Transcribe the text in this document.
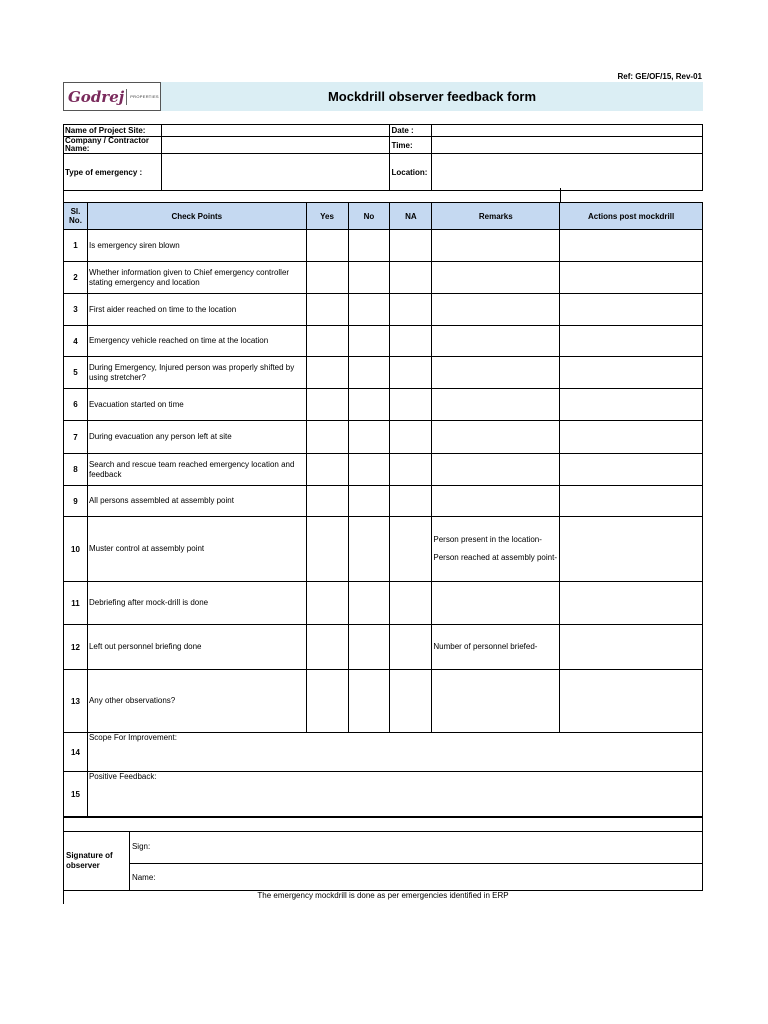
Ref: GE/OF/15, Rev-01
Godrej PROPERTIES	Mockdrill observer feedback form
Name of Project Site:		Date :	
Company / Contractor Name:		Time:	
Type of emergency :		Location:	
Sl. No.	Check Points	Yes	No	NA	Remarks	Actions post mockdrill
1	Is emergency siren blown					
2	Whether information given to Chief emergency controller stating emergency and location					
3	First aider reached on time to the location					
4	Emergency vehicle reached on time at the location					
5	During Emergency, Injured person was properly shifted by using stretcher?					
6	Evacuation started on time					
7	During evacuation any person left at site					
8	Search and rescue team reached emergency location and feedback					
9	All persons assembled at assembly point					
10	Muster control at assembly point				Person present in the location-
Person reached at assembly point-	

11	Debriefing after mock-drill is done					
12	Left out personnel briefing done				Number of personnel briefed-	

13	Any other observations?					
14	Scope For Improvement:					
15	Positive Feedback:					
Signature of observer	Sign:
Name:
The emergency mockdrill is done as per emergencies identified in ERP
